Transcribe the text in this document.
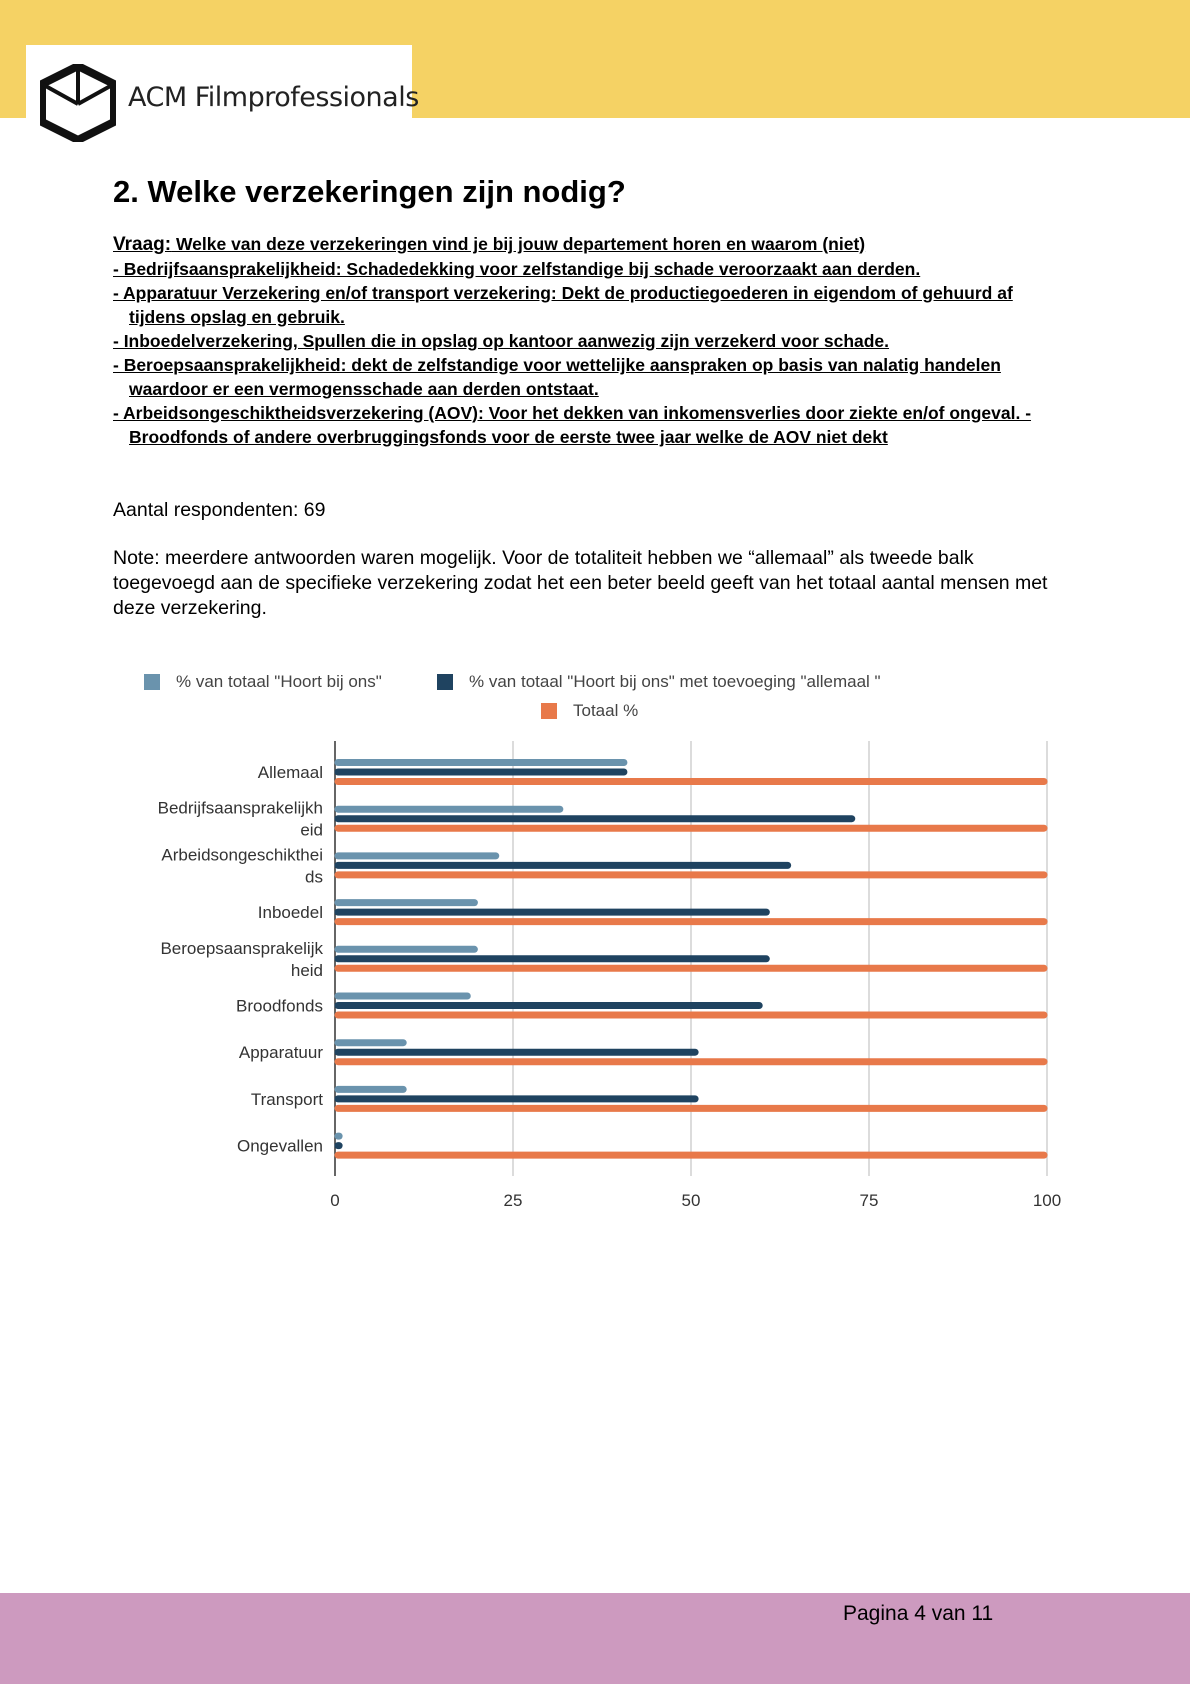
ACM Filmprofessionals
2. Welke verzekeringen zijn nodig?
Vraag: Welke van deze verzekeringen vind je bij jouw departement horen en waarom (niet)
- Bedrijfsaansprakelijkheid: Schadedekking voor zelfstandige bij schade veroorzaakt aan derden.
- Apparatuur Verzekering en/of transport verzekering: Dekt de productiegoederen in eigendom of gehuurd af tijdens opslag en gebruik.
- Inboedelverzekering, Spullen die in opslag op kantoor aanwezig zijn verzekerd voor schade.
- Beroepsaansprakelijkheid: dekt de zelfstandige voor wettelijke aanspraken op basis van nalatig handelen waardoor er een vermogensschade aan derden ontstaat.
- Arbeidsongeschiktheidsverzekering (AOV): Voor het dekken van inkomensverlies door ziekte en/of ongeval. - Broodfonds of andere overbruggingsfonds voor de eerste twee jaar welke de AOV niet dekt
Aantal respondenten: 69
Note: meerdere antwoorden waren mogelijk. Voor de totaliteit hebben we “allemaal” als tweede balk toegevoegd aan de specifieke verzekering zodat het een beter beeld geeft van het totaal aantal mensen met deze verzekering.
% van totaal "Hoort bij ons"	% van totaal "Hoort bij ons" met toevoeging "allemaal "
Totaal %
0	25	50	75	100
Allemaal
Bedrijfsaansprakelijkh
eid
Arbeidsongeschikthei
ds
Inboedel
Beroepsaansprakelijk
heid
Broodfonds
Apparatuur
Transport
Ongevallen
Pagina 4 van 11
